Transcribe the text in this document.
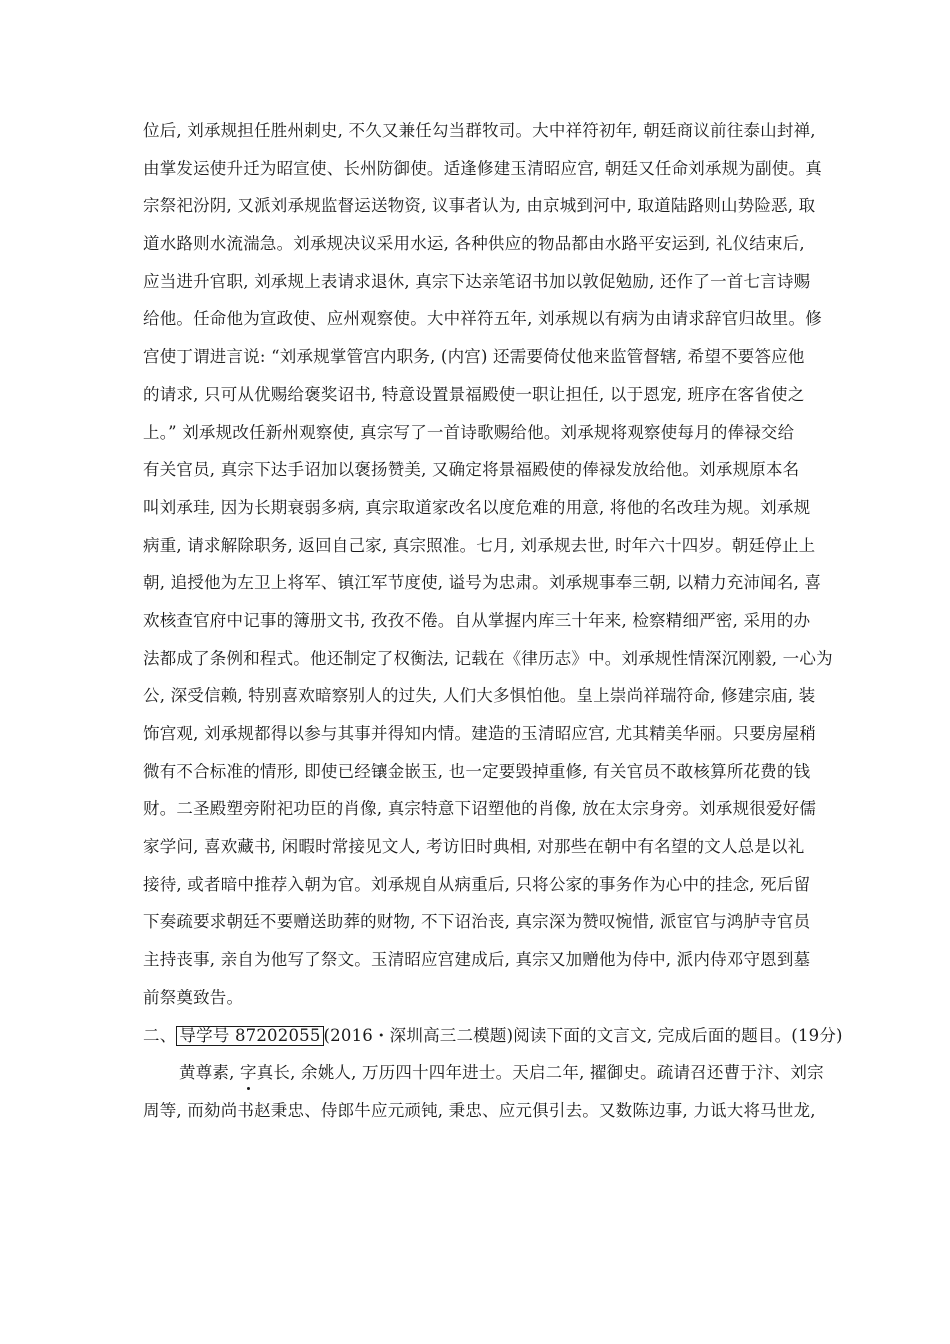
位后, 刘承规担任胜州刺史, 不久又兼任勾当群牧司。大中祥符初年, 朝廷商议前往泰山封禅,
由掌发运使升迁为昭宣使、长州防御使。适逢修建玉清昭应宫, 朝廷又任命刘承规为副使。真
宗祭祀汾阴, 又派刘承规监督运送物资, 议事者认为, 由京城到河中, 取道陆路则山势险恶, 取
道水路则水流湍急。刘承规决议采用水运, 各种供应的物品都由水路平安运到, 礼仪结束后,
应当进升官职, 刘承规上表请求退休, 真宗下达亲笔诏书加以敦促勉励, 还作了一首七言诗赐
给他。任命他为宣政使、应州观察使。大中祥符五年, 刘承规以有病为由请求辞官归故里。修
宫使丁谓进言说: “刘承规掌管宫内职务, (内宫) 还需要倚仗他来监管督辖, 希望不要答应他
的请求, 只可从优赐给褒奖诏书, 特意设置景福殿使一职让担任, 以于恩宠, 班序在客省使之
上。” 刘承规改任新州观察使, 真宗写了一首诗歌赐给他。刘承规将观察使每月的俸禄交给
有关官员, 真宗下达手诏加以褒扬赞美, 又确定将景福殿使的俸禄发放给他。刘承规原本名
叫刘承珪, 因为长期衰弱多病, 真宗取道家改名以度危难的用意, 将他的名改珪为规。刘承规
病重, 请求解除职务, 返回自己家, 真宗照准。七月, 刘承规去世, 时年六十四岁。朝廷停止上
朝, 追授他为左卫上将军、镇江军节度使, 谥号为忠肃。刘承规事奉三朝, 以精力充沛闻名, 喜
欢核查官府中记事的簿册文书, 孜孜不倦。自从掌握内库三十年来, 检察精细严密, 采用的办
法都成了条例和程式。他还制定了权衡法, 记载在《律历志》中。刘承规性情深沉刚毅, 一心为
公, 深受信赖, 特别喜欢暗察别人的过失, 人们大多惧怕他。皇上崇尚祥瑞符命, 修建宗庙, 装
饰宫观, 刘承规都得以参与其事并得知内情。建造的玉清昭应宫, 尤其精美华丽。只要房屋稍
微有不合标准的情形, 即使已经镶金嵌玉, 也一定要毁掉重修, 有关官员不敢核算所花费的钱
财。二圣殿塑旁附祀功臣的肖像, 真宗特意下诏塑他的肖像, 放在太宗身旁。刘承规很爱好儒
家学问, 喜欢藏书, 闲暇时常接见文人, 考访旧时典相, 对那些在朝中有名望的文人总是以礼
接待, 或者暗中推荐入朝为官。刘承规自从病重后, 只将公家的事务作为心中的挂念, 死后留
下奏疏要求朝廷不要赠送助葬的财物, 不下诏治丧, 真宗深为赞叹惋惜, 派宦官与鸿胪寺官员
主持丧事, 亲自为他写了祭文。玉清昭应宫建成后, 真宗又加赠他为侍中, 派内侍邓守恩到墓
前祭奠致告。
二、 导学号 87202055 (2016・深圳高三二模题)阅读下面的文言文, 完成后面的题目。(19分)
黄尊素, 字真长, 余姚人, 万历四十四年进士。天启二年, 擢御史。疏请召还曹于汴、刘宗
周等, 而劾尚书赵秉忠、侍郎牛应元顽钝, 秉忠、应元俱引去。又数陈边事, 力诋大将马世龙,
